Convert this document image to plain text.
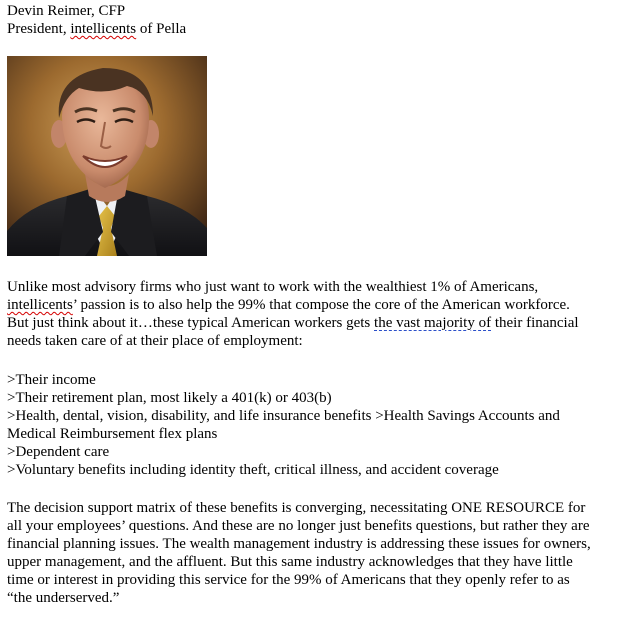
Devin Reimer, CFP
President, intellicents of Pella
Unlike most advisory firms who just want to work with the wealthiest 1% of Americans,
intellicents’ passion is to also help the 99% that compose the core of the American workforce.
But just think about it…these typical American workers gets the vast majority of their financial
needs taken care of at their place of employment:
>Their income
>Their retirement plan, most likely a 401(k) or 403(b)
>Health, dental, vision, disability, and life insurance benefits >Health Savings Accounts and
Medical Reimbursement flex plans
>Dependent care
>Voluntary benefits including identity theft, critical illness, and accident coverage
The decision support matrix of these benefits is converging, necessitating ONE RESOURCE for
all your employees’ questions. And these are no longer just benefits questions, but rather they are
financial planning issues. The wealth management industry is addressing these issues for owners,
upper management, and the affluent. But this same industry acknowledges that they have little
time or interest in providing this service for the 99% of Americans that they openly refer to as
“the underserved.”
